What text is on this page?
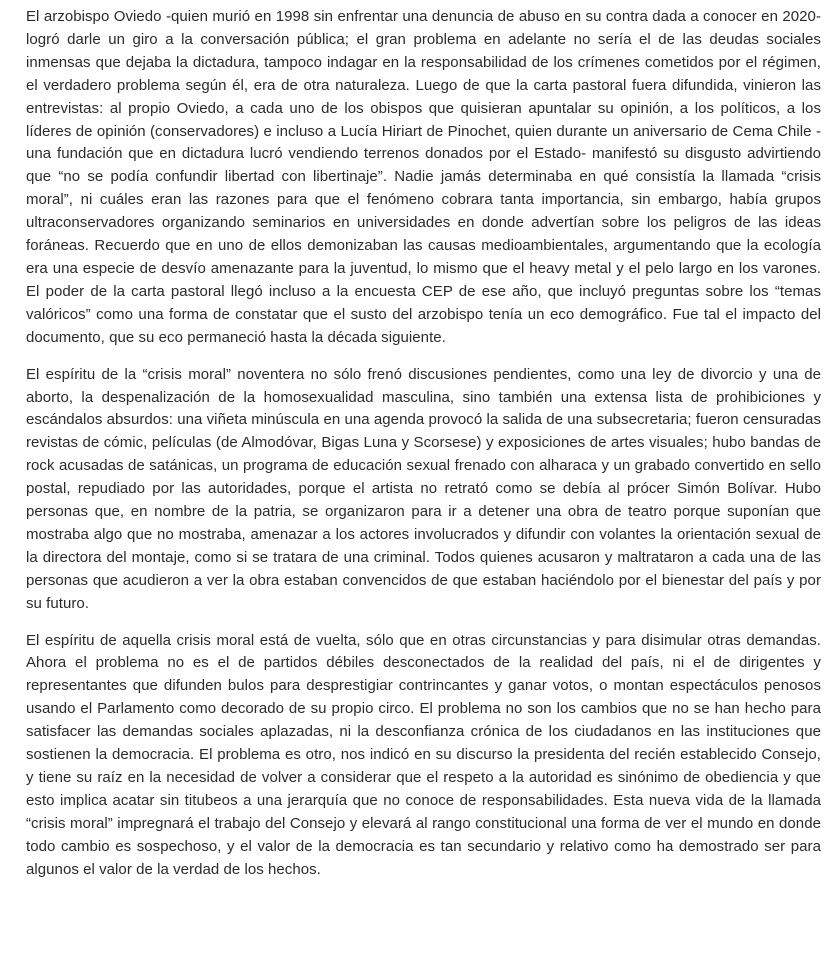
El arzobispo Oviedo -quien murió en 1998 sin enfrentar una denuncia de abuso en su contra dada a conocer en 2020- logró darle un giro a la conversación pública; el gran problema en adelante no sería el de las deudas sociales inmensas que dejaba la dictadura, tampoco indagar en la responsabilidad de los crímenes cometidos por el régimen, el verdadero problema según él, era de otra naturaleza. Luego de que la carta pastoral fuera difundida, vinieron las entrevistas: al propio Oviedo, a cada uno de los obispos que quisieran apuntalar su opinión, a los políticos, a los líderes de opinión (conservadores) e incluso a Lucía Hiriart de Pinochet, quien durante un aniversario de Cema Chile -una fundación que en dictadura lucró vendiendo terrenos donados por el Estado- manifestó su disgusto advirtiendo que “no se podía confundir libertad con libertinaje”. Nadie jamás determinaba en qué consistía la llamada “crisis moral”, ni cuáles eran las razones para que el fenómeno cobrara tanta importancia, sin embargo, había grupos ultraconservadores organizando seminarios en universidades en donde advertían sobre los peligros de las ideas foráneas. Recuerdo que en uno de ellos demonizaban las causas medioambientales, argumentando que la ecología era una especie de desvío amenazante para la juventud, lo mismo que el heavy metal y el pelo largo en los varones. El poder de la carta pastoral llegó incluso a la encuesta CEP de ese año, que incluyó preguntas sobre los “temas valóricos” como una forma de constatar que el susto del arzobispo tenía un eco demográfico. Fue tal el impacto del documento, que su eco permaneció hasta la década siguiente.

El espíritu de la “crisis moral” noventera no sólo frenó discusiones pendientes, como una ley de divorcio y una de aborto, la despenalización de la homosexualidad masculina, sino también una extensa lista de prohibiciones y escándalos absurdos: una viñeta minúscula en una agenda provocó la salida de una subsecretaria; fueron censuradas revistas de cómic, películas (de Almodóvar, Bigas Luna y Scorsese) y exposiciones de artes visuales; hubo bandas de rock acusadas de satánicas, un programa de educación sexual frenado con alharaca y un grabado convertido en sello postal, repudiado por las autoridades, porque el artista no retrató como se debía al prócer Simón Bolívar. Hubo personas que, en nombre de la patria, se organizaron para ir a detener una obra de teatro porque suponían que mostraba algo que no mostraba, amenazar a los actores involucrados y difundir con volantes la orientación sexual de la directora del montaje, como si se tratara de una criminal. Todos quienes acusaron y maltrataron a cada una de las personas que acudieron a ver la obra estaban convencidos de que estaban haciéndolo por el bienestar del país y por su futuro.

El espíritu de aquella crisis moral está de vuelta, sólo que en otras circunstancias y para disimular otras demandas. Ahora el problema no es el de partidos débiles desconectados de la realidad del país, ni el de dirigentes y representantes que difunden bulos para desprestigiar contrincantes y ganar votos, o montan espectáculos penosos usando el Parlamento como decorado de su propio circo. El problema no son los cambios que no se han hecho para satisfacer las demandas sociales aplazadas, ni la desconfianza crónica de los ciudadanos en las instituciones que sostienen la democracia. El problema es otro, nos indicó en su discurso la presidenta del recién establecido Consejo, y tiene su raíz en la necesidad de volver a considerar que el respeto a la autoridad es sinónimo de obediencia y que esto implica acatar sin titubeos a una jerarquía que no conoce de responsabilidades. Esta nueva vida de la llamada “crisis moral” impregnará el trabajo del Consejo y elevará al rango constitucional una forma de ver el mundo en donde todo cambio es sospechoso, y el valor de la democracia es tan secundario y relativo como ha demostrado ser para algunos el valor de la verdad de los hechos.
